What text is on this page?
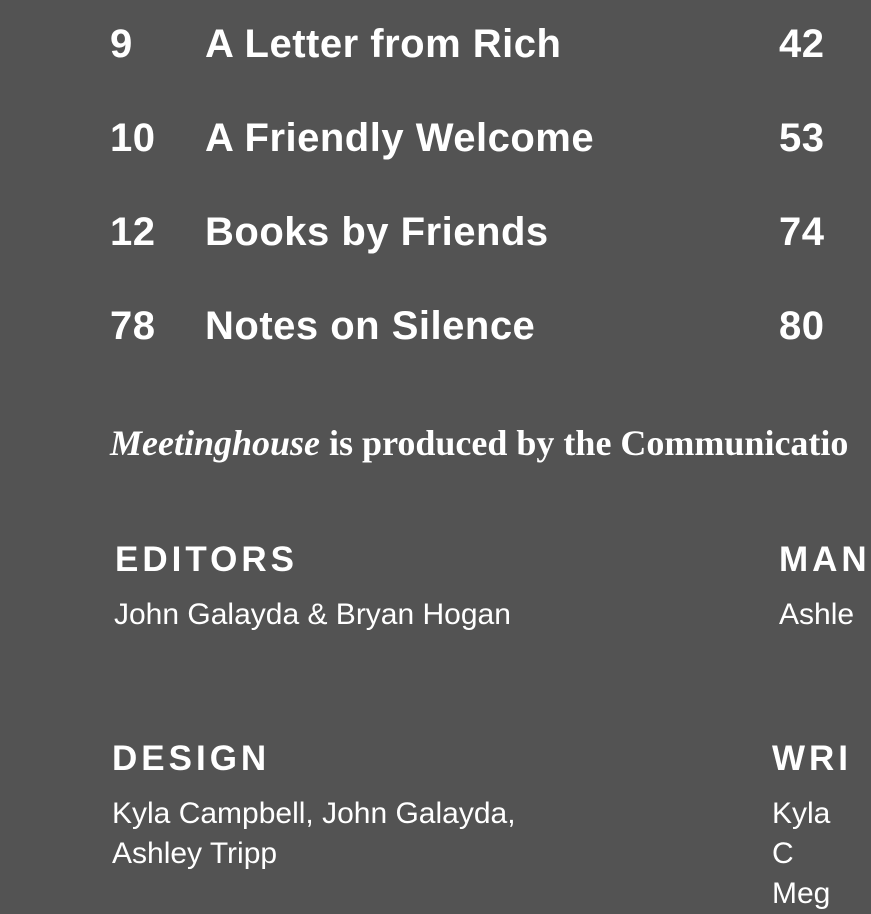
9 A Letter from Rich	42
10 A Friendly Welcome	53
12 Books by Friends	74
78 Notes on Silence	80

Meetinghouse is produced by the Communicatio

EDITORS
John Galayda & Bryan Hogan
MAN
Ashle
DESIGN
Kyla Campbell, John Galayda,
Ashley Tripp
WRI
Kyla C
Meg
